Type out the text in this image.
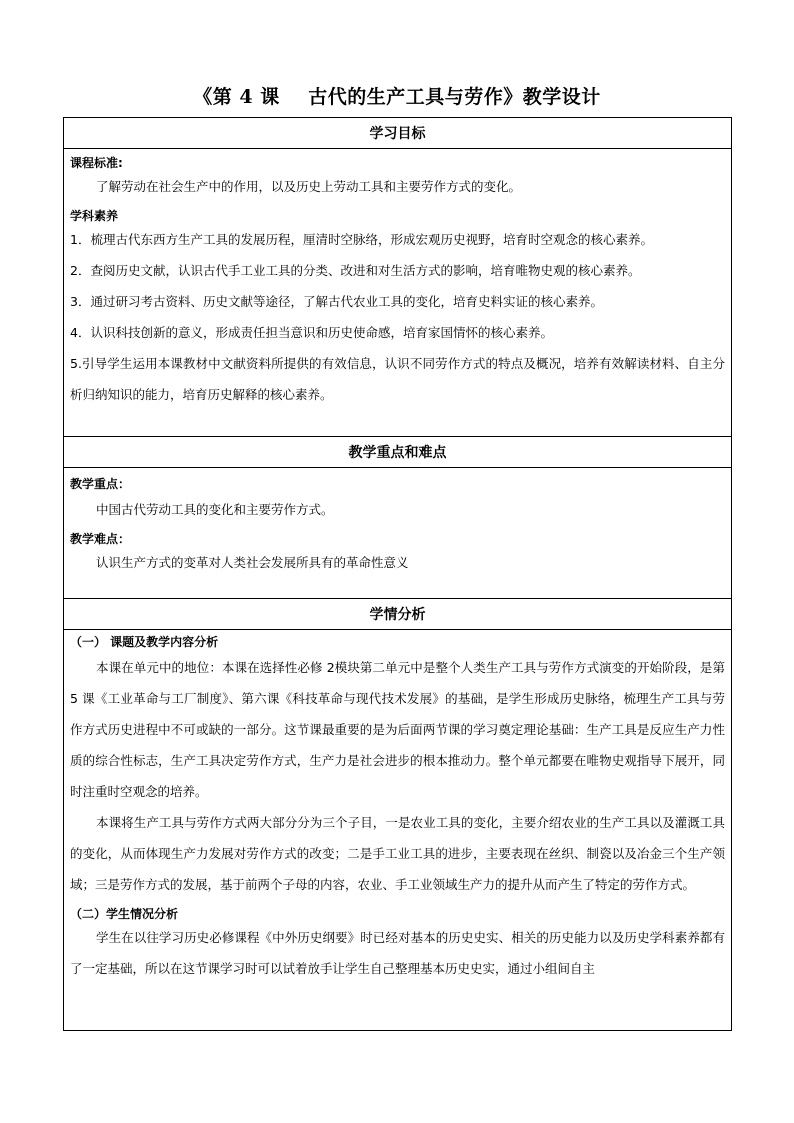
《第 4 课    古代的生产工具与劳作》教学设计
学习目标

课程标准:
了解劳动在社会生产中的作用，以及历史上劳动工具和主要劳作方式的变化。
学科素养
1．梳理古代东西方生产工具的发展历程，厘清时空脉络，形成宏观历史视野，培育时空观念的核心素养。
2．查阅历史文献，认识古代手工业工具的分类、改进和对生活方式的影响，培育唯物史观的核心素养。
3．通过研习考古资料、历史文献等途径，了解古代农业工具的变化，培育史料实证的核心素养。
4．认识科技创新的意义，形成责任担当意识和历史使命感，培育家国情怀的核心素养。
5.引导学生运用本课教材中文献资料所提供的有效信息，认识不同劳作方式的特点及概况，培养有效解读材料、自主分析归纳知识的能力，培育历史解释的核心素养。

教学重点和难点

教学重点：
中国古代劳动工具的变化和主要劳作方式。
教学难点：
认识生产方式的变革对人类社会发展所具有的革命性意义

学情分析

（一） 课题及教学内容分析
本课在单元中的地位：本课在选择性必修 2模块第二单元中是整个人类生产工具与劳作方式演变的开始阶段，是第 5 课《工业革命与工厂制度》、第六课《科技革命与现代技术发展》的基础，是学生形成历史脉络，梳理生产工具与劳作方式历史进程中不可或缺的一部分。这节课最重要的是为后面两节课的学习奠定理论基础：生产工具是反应生产力性质的综合性标志，生产工具决定劳作方式，生产力是社会进步的根本推动力。整个单元都要在唯物史观指导下展开，同时注重时空观念的培养。
本课将生产工具与劳作方式两大部分分为三个子目，一是农业工具的变化，主要介绍农业的生产工具以及灌溉工具的变化，从而体现生产力发展对劳作方式的改变；二是手工业工具的进步，主要表现在丝织、制瓷以及冶金三个生产领域；三是劳作方式的发展，基于前两个子母的内容，农业、手工业领域生产力的提升从而产生了特定的劳作方式。
（二）学生情况分析
学生在以往学习历史必修课程《中外历史纲要》时已经对基本的历史史实、相关的历史能力以及历史学科素养都有了一定基础，所以在这节课学习时可以试着放手让学生自己整理基本历史史实，通过小组间自主
